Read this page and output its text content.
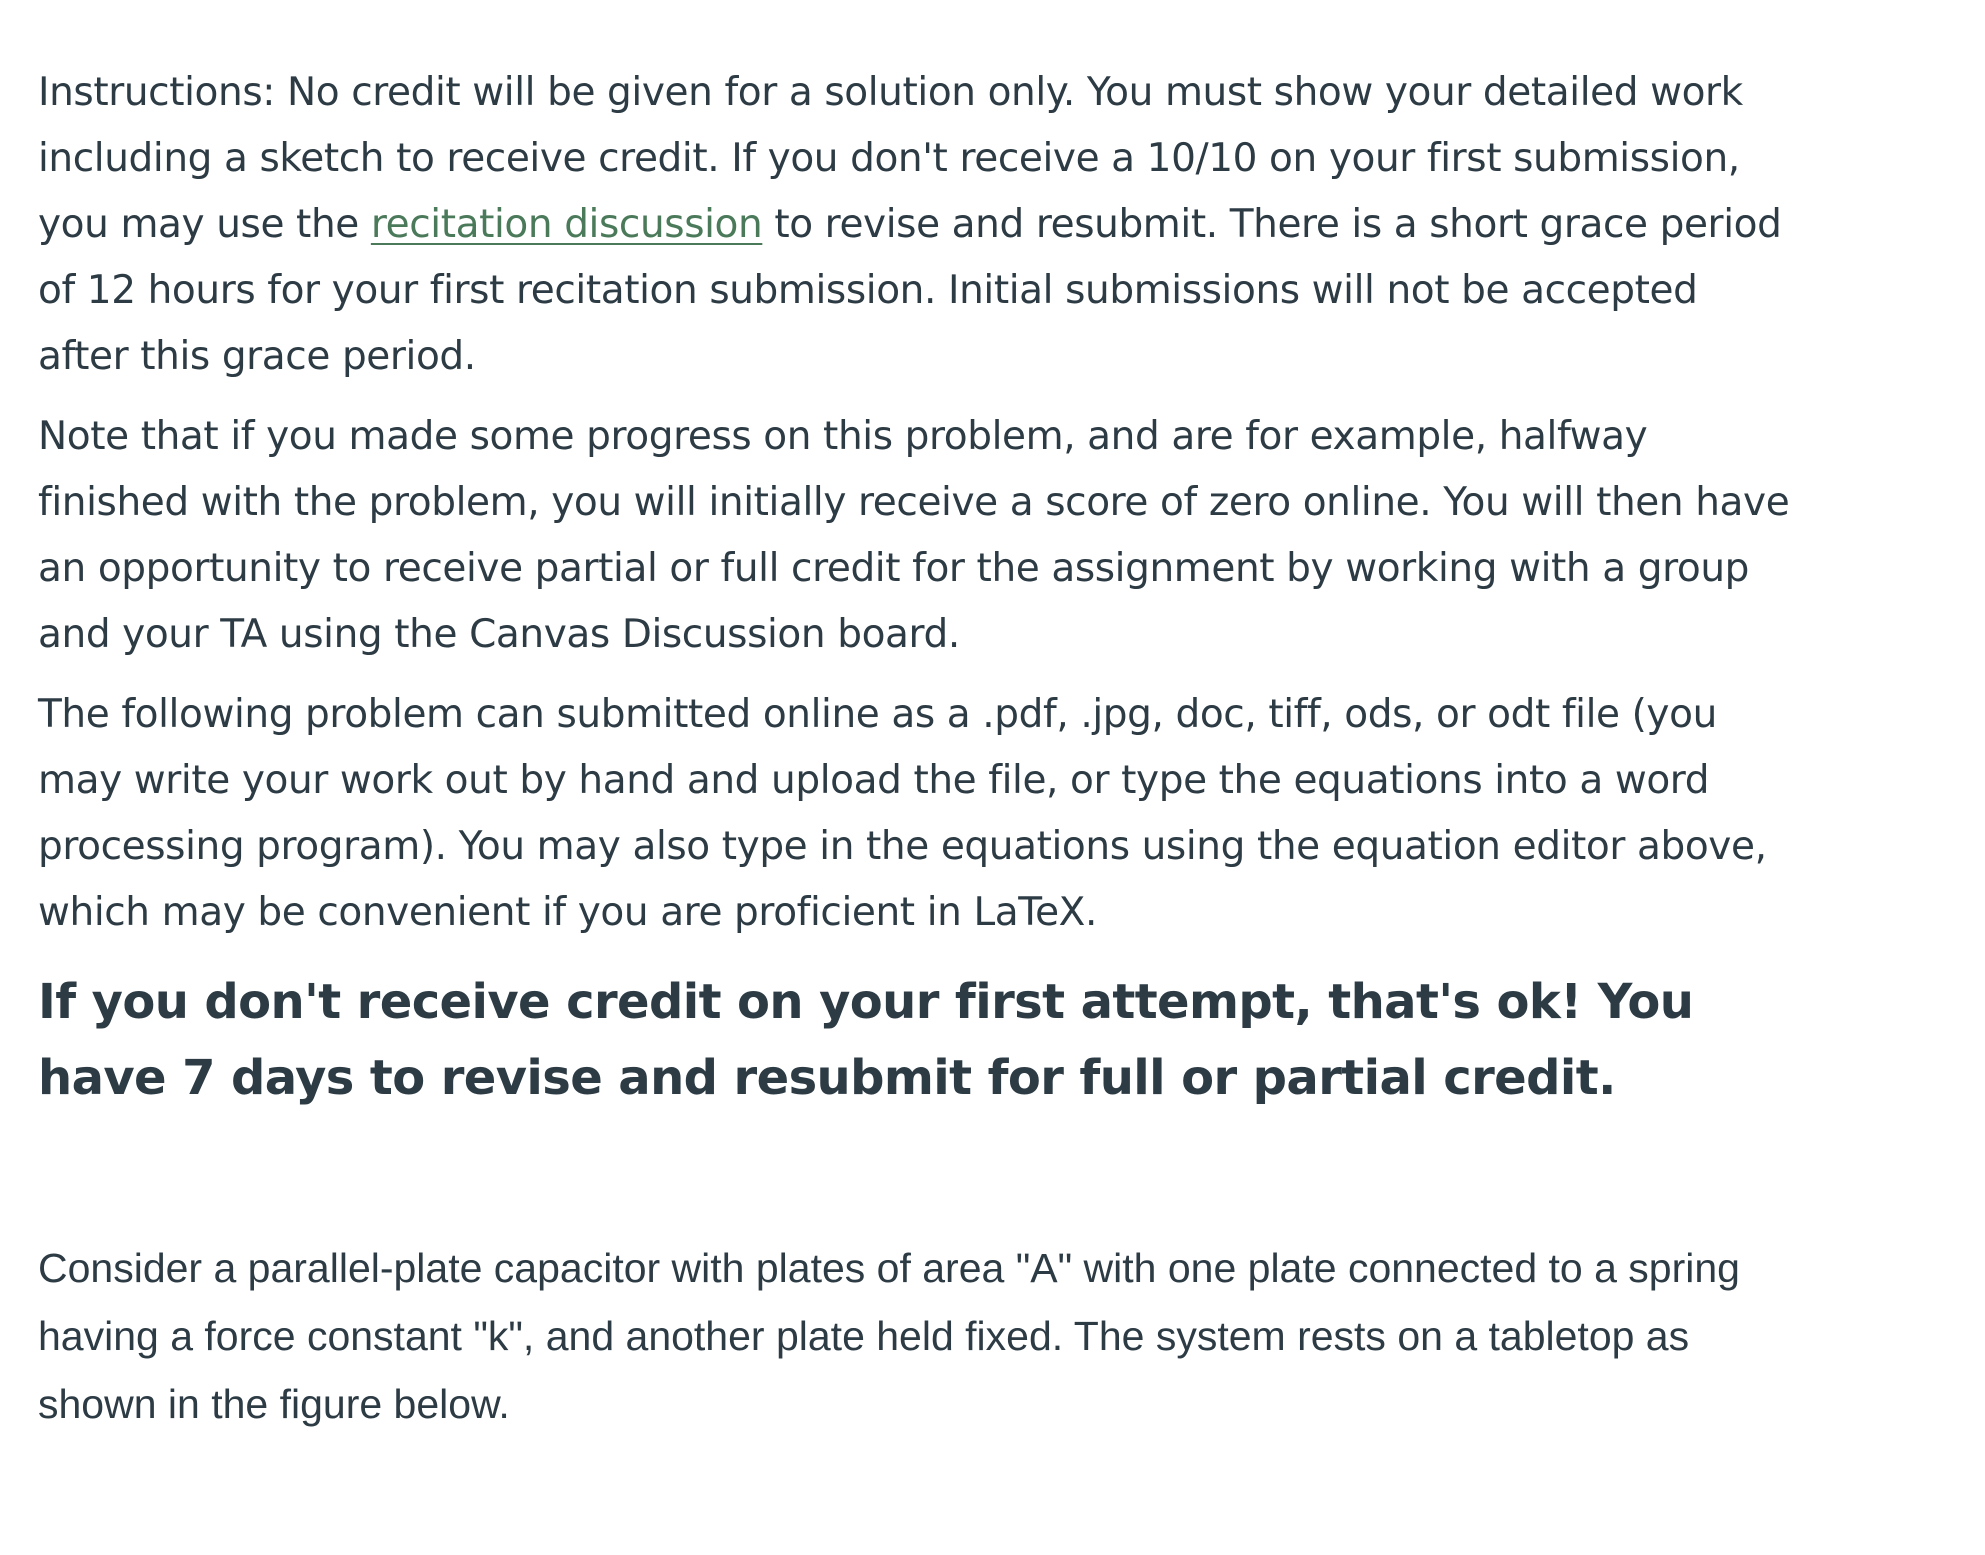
Instructions: No credit will be given for a solution only. You must show your detailed work including a sketch to receive credit. If you don't receive a 10/10 on your first submission, you may use the recitation discussion to revise and resubmit. There is a short grace period of 12 hours for your first recitation submission. Initial submissions will not be accepted after this grace period.

Note that if you made some progress on this problem, and are for example, halfway finished with the problem, you will initially receive a score of zero online. You will then have an opportunity to receive partial or full credit for the assignment by working with a group and your TA using the Canvas Discussion board.

The following problem can submitted online as a .pdf, .jpg, doc, tiff, ods, or odt file (you may write your work out by hand and upload the file, or type the equations into a word processing program). You may also type in the equations using the equation editor above, which may be convenient if you are proficient in LaTeX.

If you don't receive credit on your first attempt, that's ok! You have 7 days to revise and resubmit for full or partial credit.

Consider a parallel-plate capacitor with plates of area "A" with one plate connected to a spring having a force constant "k", and another plate held fixed. The system rests on a tabletop as shown in the figure below.
